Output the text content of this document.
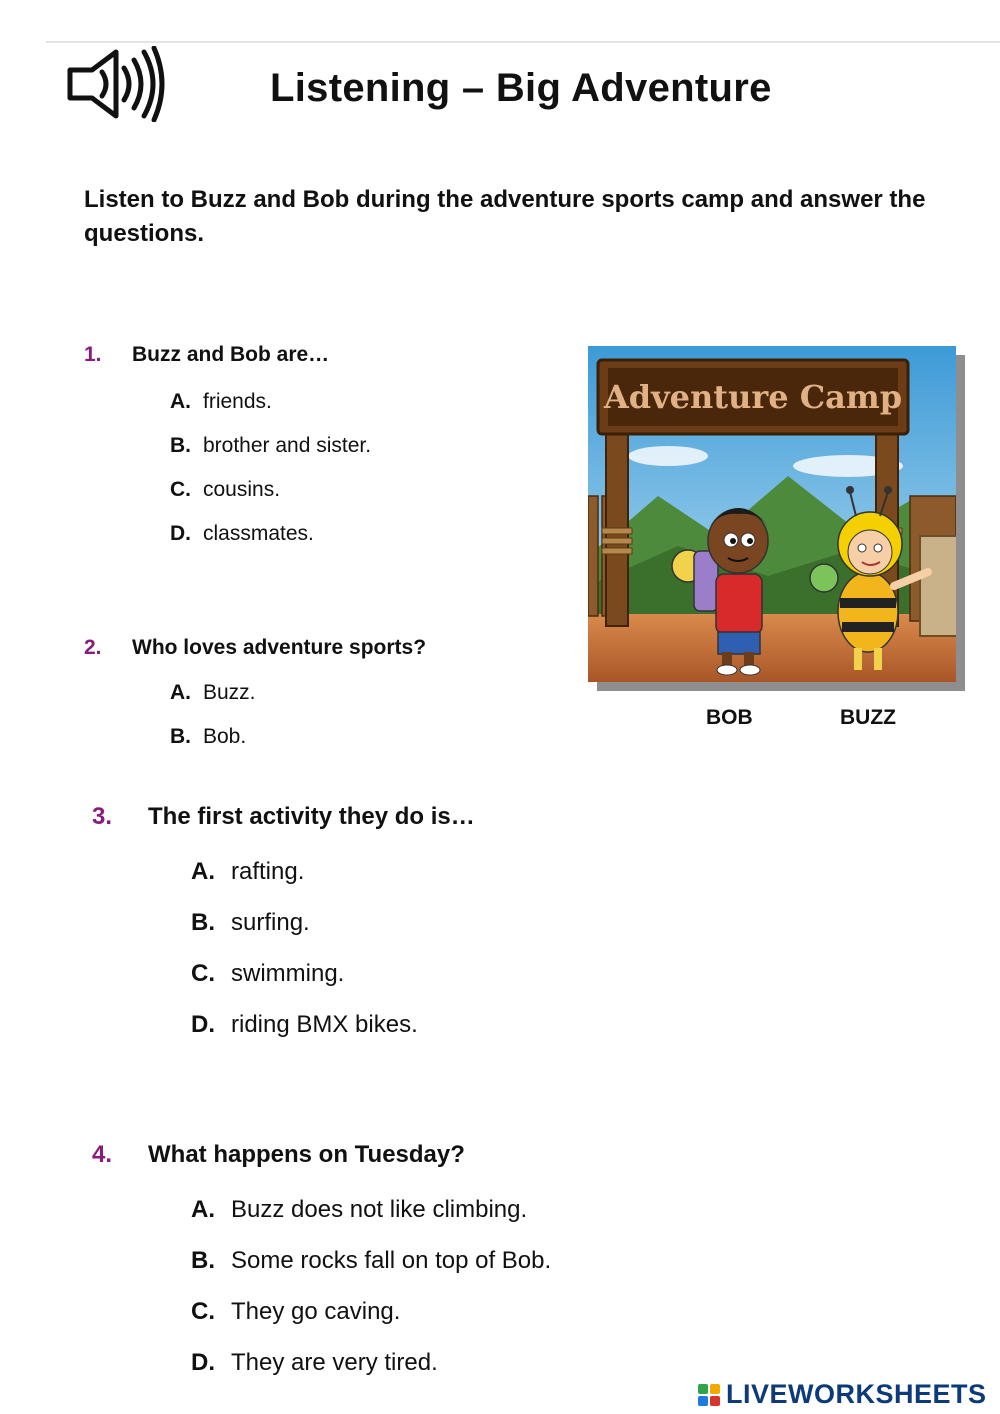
Listening – Big Adventure
Listen to Buzz and Bob during the adventure sports camp and answer the questions.
1. Buzz and Bob are…
A. friends.
B. brother and sister.
C. cousins.
D. classmates.
2. Who loves adventure sports?
A. Buzz.
B. Bob.
Adventure Camp
BOB	BUZZ
3. The first activity they do is…
A. rafting.
B. surfing.
C. swimming.
D. riding BMX bikes.
4. What happens on Tuesday?
A. Buzz does not like climbing.
B. Some rocks fall on top of Bob.
C. They go caving.
D. They are very tired.
LIVEWORKSHEETS
